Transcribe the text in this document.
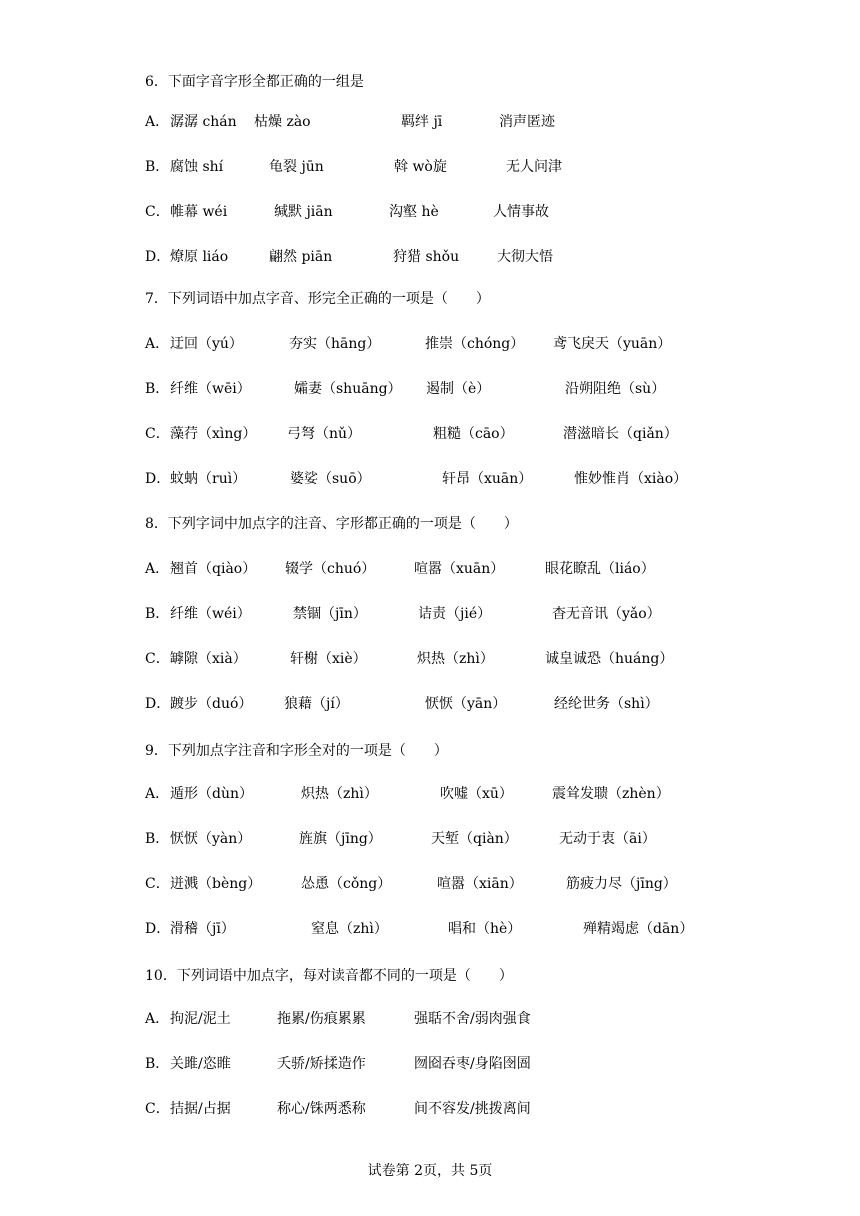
6．下面字音字形全都正确的一组是
A． 潺潺 chán 枯燥 zào	羁绊 jī	消声匿迹
B． 腐蚀 shí	龟裂 jūn	斡 wò旋	无人问津
C． 帷幕 wéi	缄默 jiān	沟壑 hè	人情事故
D． 燎原 liáo	翩然 piān	狩猎 shǒu	大彻大悟
7．下列词语中加点字音、形完全正确的一项是（　　）
A． 迂回（yú）	夯实（hāng）	推崇（chóng） 鸢飞戾天（yuān）
B． 纤维（wēi）	孀妻（shuāng） 遏制（è）	沿朔阻绝（sù）
C． 藻荇（xìng） 弓弩（nǔ）	粗糙（cāo）	潜滋暗长（qiǎn）
D． 蚊蚋（ruì）	婆娑（suō）	轩昂（xuān）	惟妙惟肖（xiào）
8．下列字词中加点字的注音、字形都正确的一项是（　　）
A． 翘首（qiào） 辍学（chuó）	喧嚣（xuān）	眼花瞭乱（liáo）
B． 纤维（wéi）	禁锢（jīn）	诘责（jié）	杳无音讯（yǎo）
C． 罅隙（xià）	轩榭（xiè）	炽热（zhì）	诚皇诚恐（huáng）
D． 踱步（duó） 狼藉（jí）	恹恹（yān）	经纶世务（shì）
9．下列加点字注音和字形全对的一项是（　　）
A． 遁形（dùn）	炽热（zhì）	吹嘘（xū）	震耸发聩（zhèn）
B． 恹恹（yàn）	旌旗（jīng）	天堑（qiàn）	无动于衷（āi）
C． 迸溅（bèng）	怂恿（cǒng）	喧嚣（xiān）	筋疲力尽（jīng）
D． 滑稽（jī）	窒息（zhì）	唱和（hè）	殚精竭虑（dān）
10．下列词语中加点字，每对读音都不同的一项是（　　）
A． 拘泥/泥土	拖累/伤痕累累	强聒不舍/弱肉强食
B． 关雎/恣睢	夭骄/矫揉造作	囫囵吞枣/身陷囹圄
C． 拮据/占据	称心/铢两悉称	间不容发/挑拨离间
试卷第 2页，共 5页
